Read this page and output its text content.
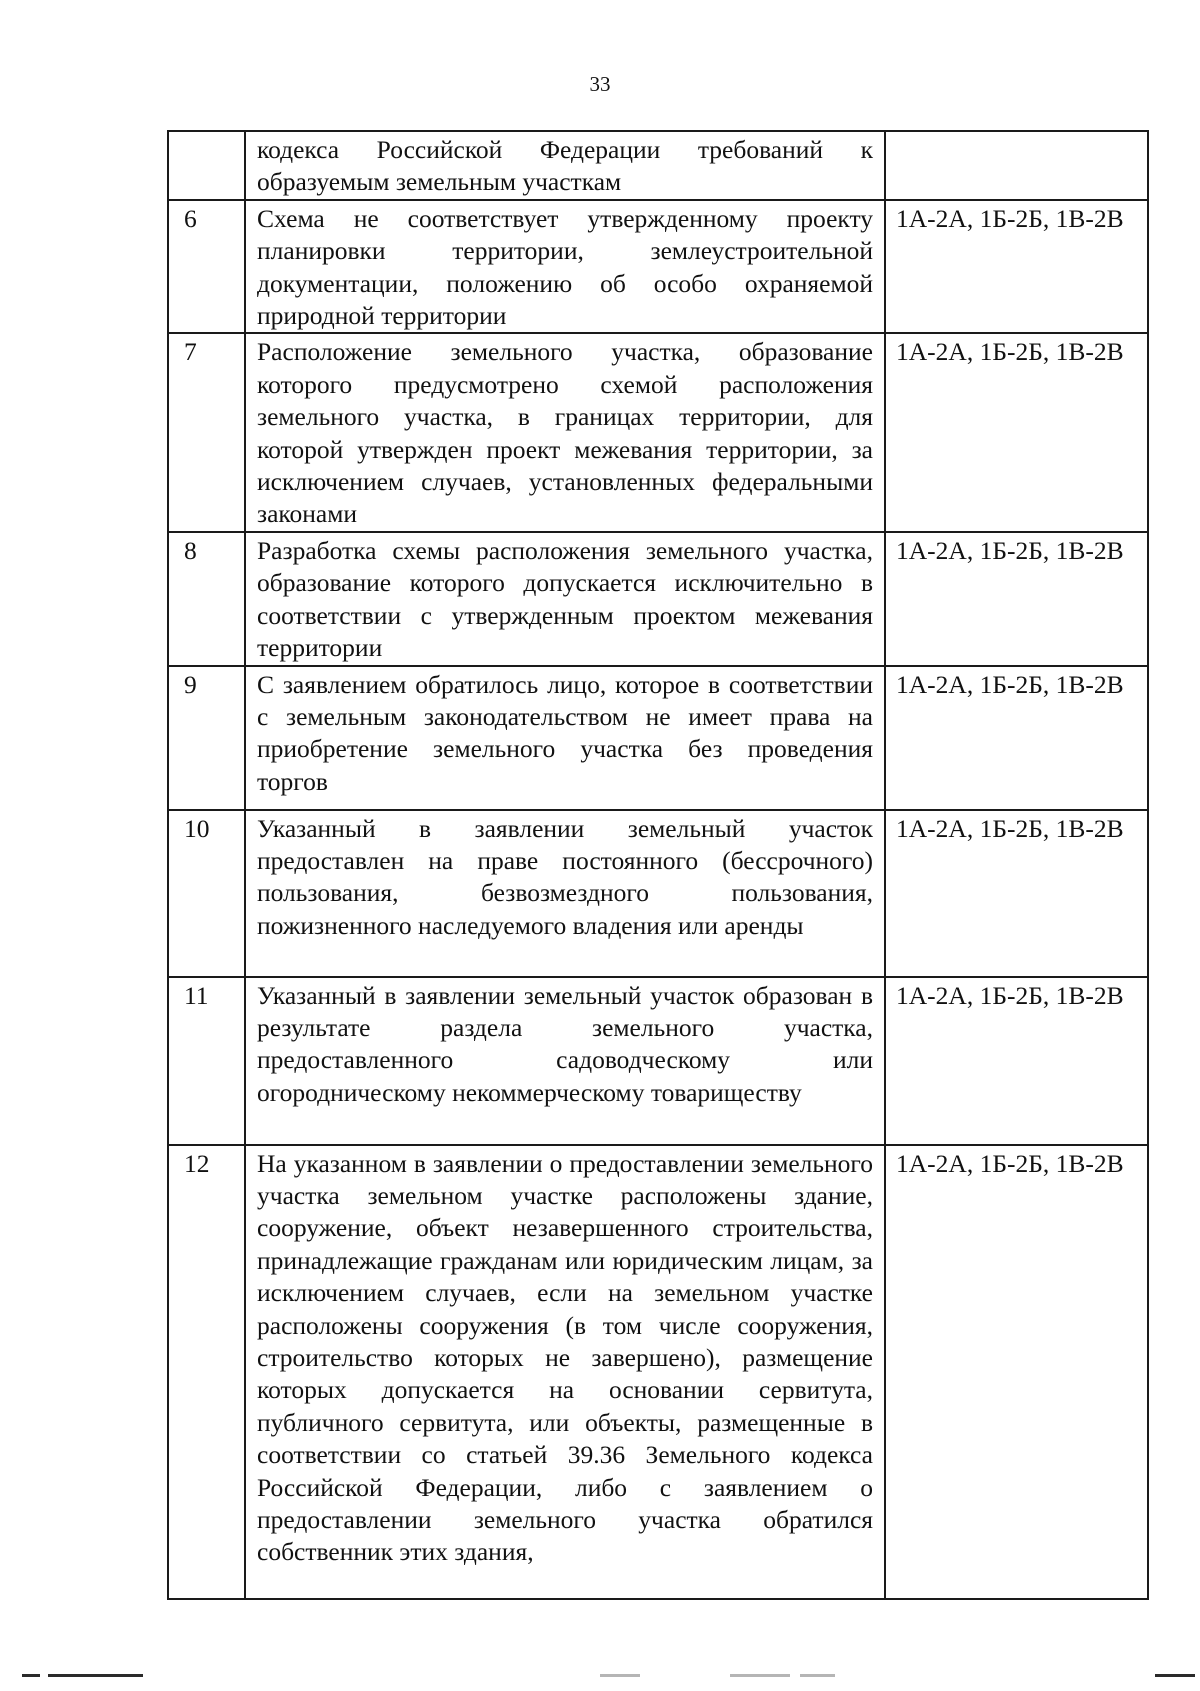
33
	кодекса Российской Федерации требований к образуемым земельным участкам	
6	Схема не соответствует утвержденному проекту планировки территории, землеустроительной документации, положению об особо охраняемой природной территории	1А-2А, 1Б-2Б, 1В-2В
7	Расположение земельного участка, образование которого предусмотрено схемой расположения земельного участка, в границах территории, для которой утвержден проект межевания территории, за исключением случаев, установленных федеральными законами	1А-2А, 1Б-2Б, 1В-2В
8	Разработка схемы расположения земельного участка, образование которого допускается исключительно в соответствии с утвержденным проектом межевания территории	1А-2А, 1Б-2Б, 1В-2В
9	С заявлением обратилось лицо, которое в соответствии с земельным законодательством не имеет права на приобретение земельного участка без проведения торгов	1А-2А, 1Б-2Б, 1В-2В
10	Указанный в заявлении земельный участок предоставлен на праве постоянного (бессрочного) пользования, безвозмездного пользования, пожизненного наследуемого владения или аренды	1А-2А, 1Б-2Б, 1В-2В
11	Указанный в заявлении земельный участок образован в результате раздела земельного участка, предоставленного садоводческому или огородническому некоммерческому товариществу	1А-2А, 1Б-2Б, 1В-2В
12	На указанном в заявлении о предоставлении земельного участка земельном участке расположены здание, сооружение, объект незавершенного строительства, принадлежащие гражданам или юридическим лицам, за исключением случаев, если на земельном участке расположены сооружения (в том числе сооружения, строительство которых не завершено), размещение которых допускается на основании сервитута, публичного сервитута, или объекты, размещенные в соответствии со статьей 39.36 Земельного кодекса Российской Федерации, либо с заявлением о предоставлении земельного участка обратился собственник этих здания,	1А-2А, 1Б-2Б, 1В-2В
